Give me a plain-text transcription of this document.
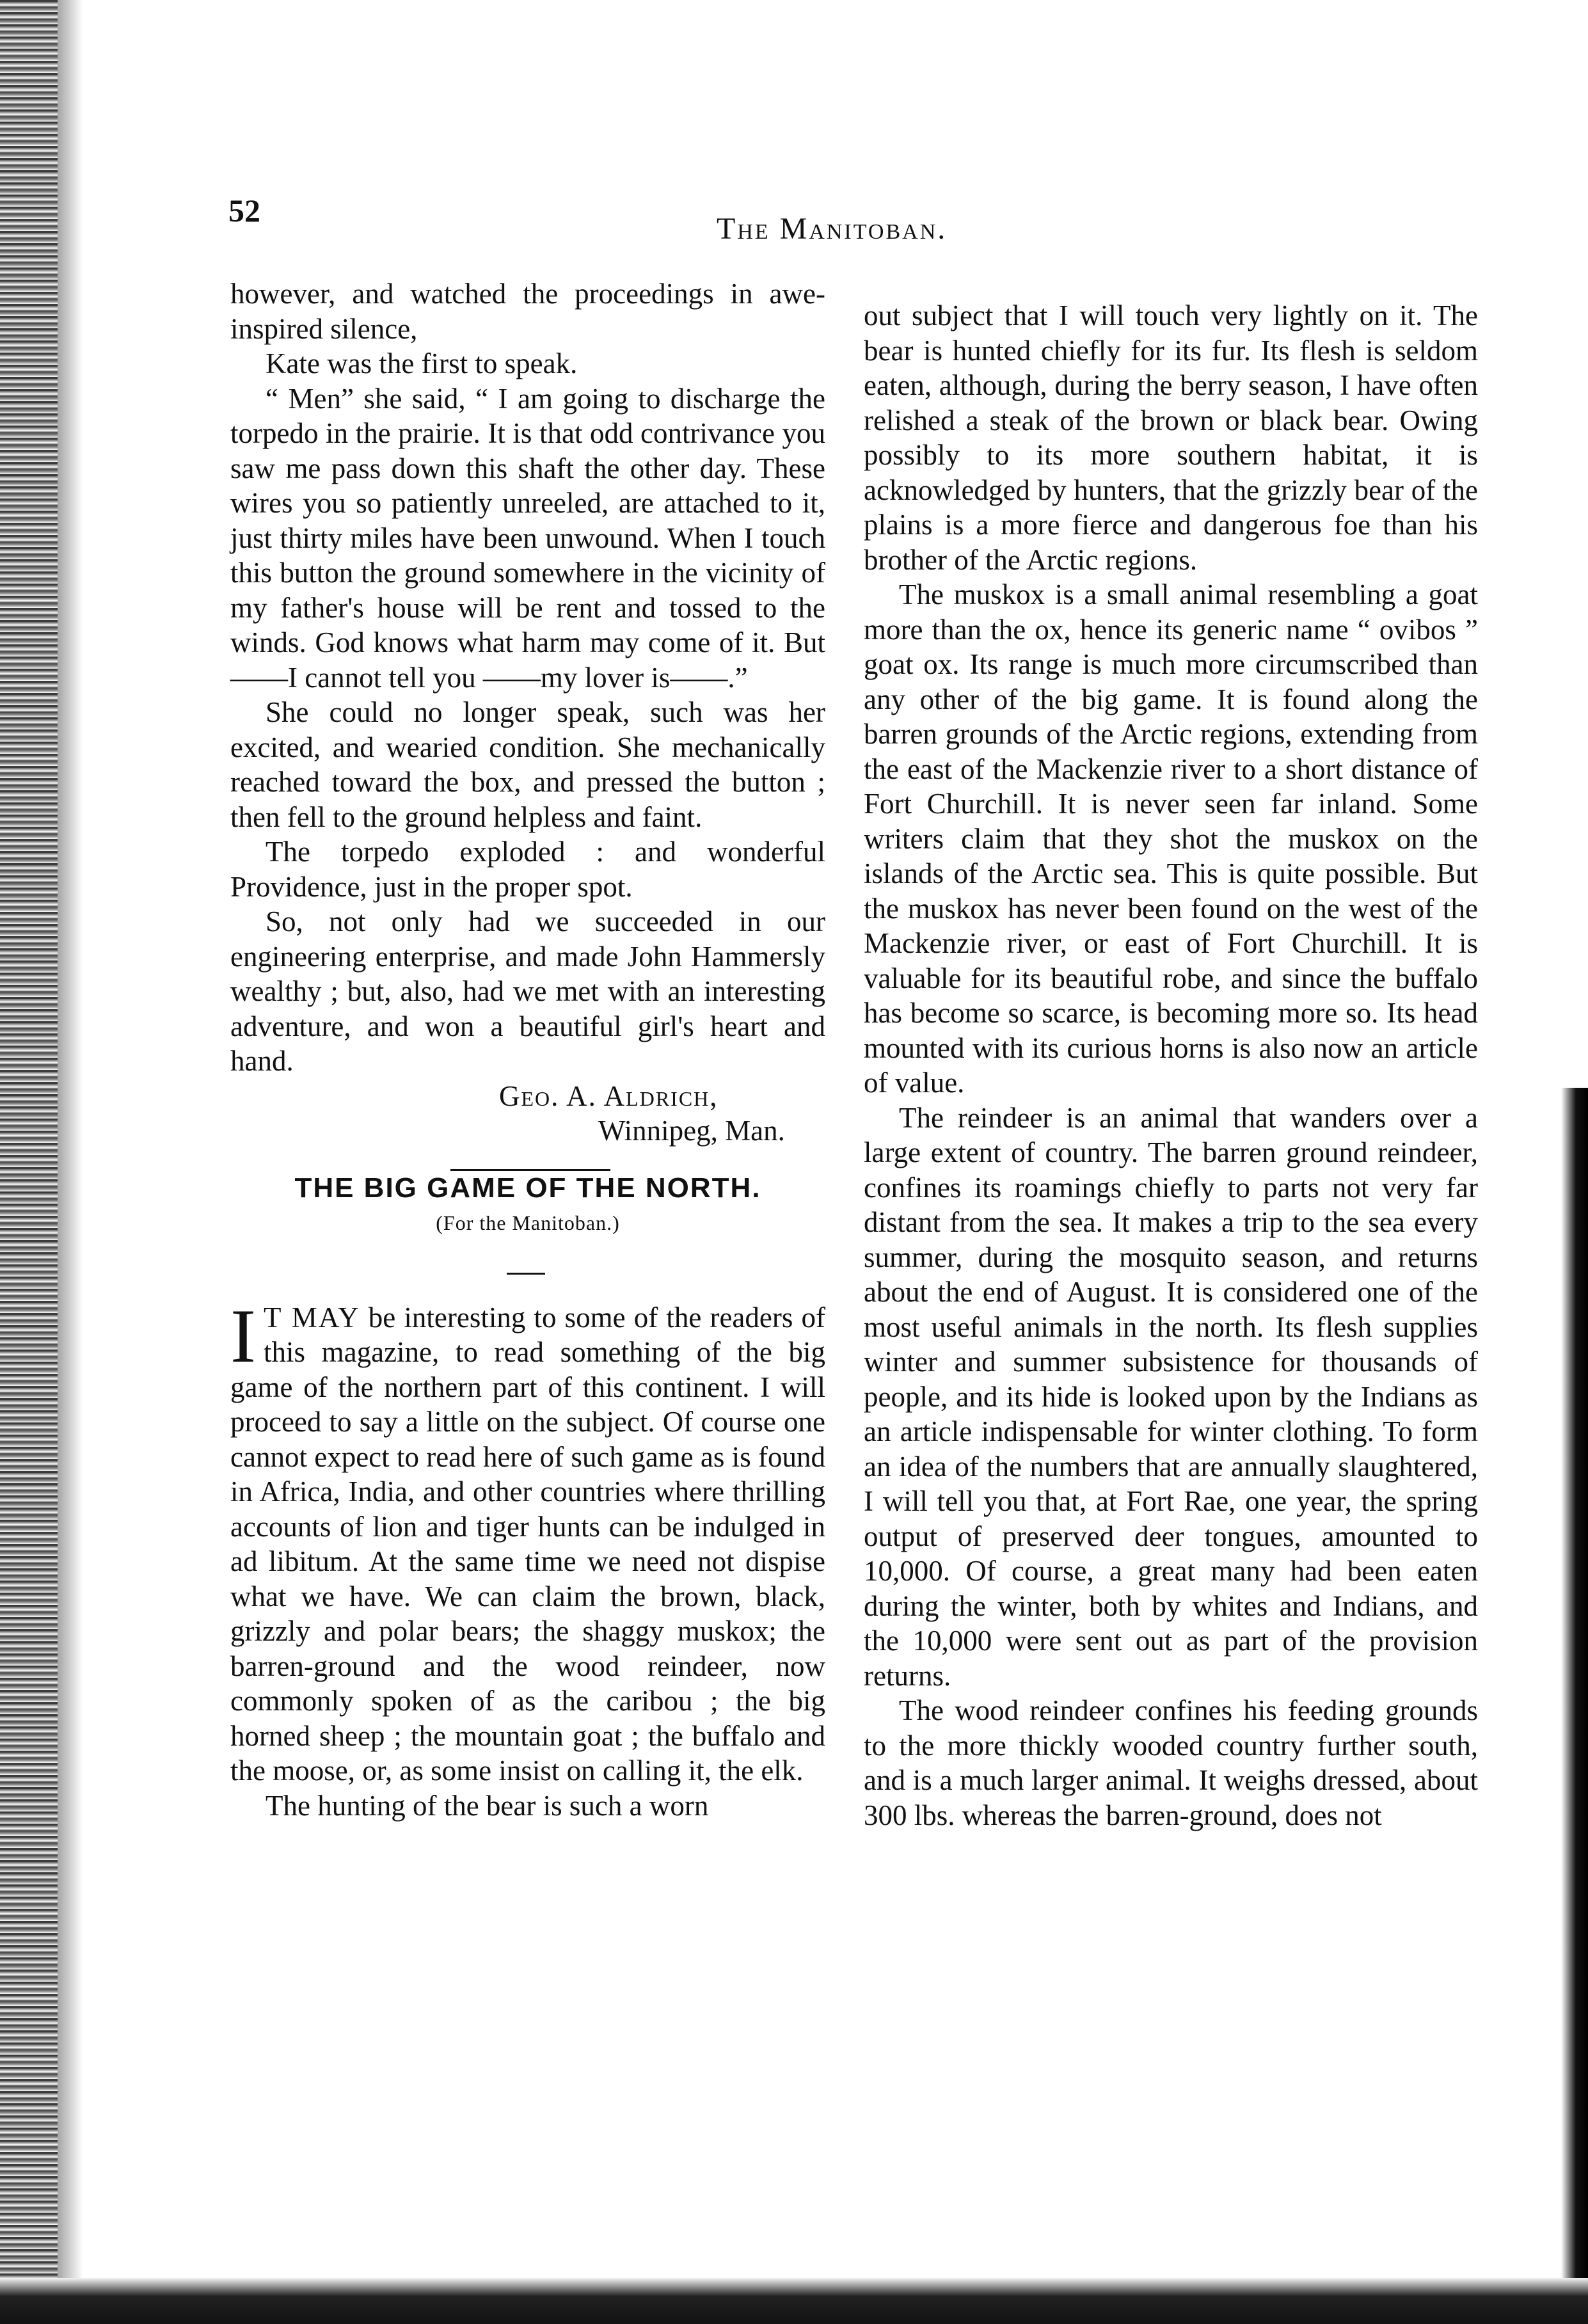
52
The Manitoban.

however, and watched the proceedings in awe-inspired silence,

Kate was the first to speak.

“ Men” she said, “ I am going to discharge the torpedo in the prairie. It is that odd contrivance you saw me pass down this shaft the other day. These wires you so patiently unreeled, are attached to it, just thirty miles have been unwound. When I touch this button the ground somewhere in the vicinity of my father's house will be rent and tossed to the winds. God knows what harm may come of it. But——I cannot tell you ——my lover is——.”

She could no longer speak, such was her excited, and wearied condition. She mechanically reached toward the box, and pressed the button ; then fell to the ground helpless and faint.

The torpedo exploded : and wonderful Providence, just in the proper spot.

So, not only had we succeeded in our engineering enterprise, and made John Hammersly wealthy ; but, also, had we met with an interesting adventure, and won a beautiful girl's heart and hand.

Geo. A. Aldrich,

Winnipeg, Man.

THE BIG GAME OF THE NORTH.

(For the Manitoban.)

I T MAY be interesting to some of the readers of this magazine, to read something of the big game of the northern part of this continent. I will proceed to say a little on the subject. Of course one cannot expect to read here of such game as is found in Africa, India, and other countries where thrilling accounts of lion and tiger hunts can be indulged in ad libitum. At the same time we need not dispise what we have. We can claim the brown, black, grizzly and polar bears; the shaggy muskox; the barren-ground and the wood reindeer, now commonly spoken of as the caribou ; the big horned sheep ; the mountain goat ; the buffalo and the moose, or, as some insist on calling it, the elk.

The hunting of the bear is such a worn

out subject that I will touch very lightly on it. The bear is hunted chiefly for its fur. Its flesh is seldom eaten, although, during the berry season, I have often relished a steak of the brown or black bear. Owing possibly to its more southern habitat, it is acknowledged by hunters, that the grizzly bear of the plains is a more fierce and dangerous foe than his brother of the Arctic regions.

The muskox is a small animal resembling a goat more than the ox, hence its generic name “ ovibos ” goat ox. Its range is much more circumscribed than any other of the big game. It is found along the barren grounds of the Arctic regions, extending from the east of the Mackenzie river to a short distance of Fort Churchill. It is never seen far inland. Some writers claim that they shot the muskox on the islands of the Arctic sea. This is quite possible. But the muskox has never been found on the west of the Mackenzie river, or east of Fort Churchill. It is valuable for its beautiful robe, and since the buffalo has become so scarce, is becoming more so. Its head mounted with its curious horns is also now an article of value.

The reindeer is an animal that wanders over a large extent of country. The barren ground reindeer, confines its roamings chiefly to parts not very far distant from the sea. It makes a trip to the sea every summer, during the mosquito season, and returns about the end of August. It is considered one of the most useful animals in the north. Its flesh supplies winter and summer subsistence for thousands of people, and its hide is looked upon by the Indians as an article indispensable for winter clothing. To form an idea of the numbers that are annually slaughtered, I will tell you that, at Fort Rae, one year, the spring output of preserved deer tongues, amounted to 10,000. Of course, a great many had been eaten during the winter, both by whites and Indians, and the 10,000 were sent out as part of the provision returns.

The wood reindeer confines his feeding grounds to the more thickly wooded country further south, and is a much larger animal. It weighs dressed, about 300 lbs. whereas the barren-ground, does not
